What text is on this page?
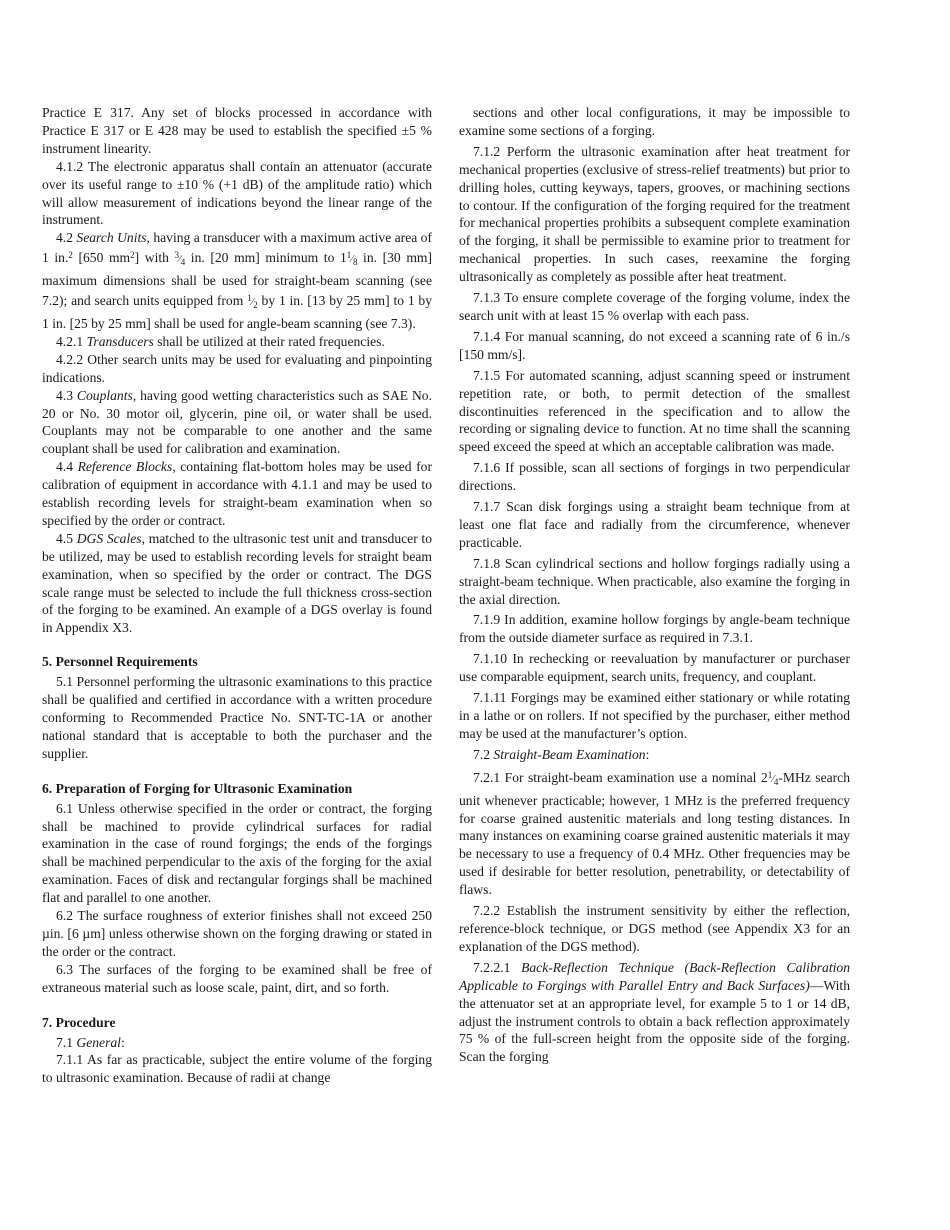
Practice E 317. Any set of blocks processed in accordance with Practice E 317 or E 428 may be used to establish the specified ±5 % instrument linearity.

4.1.2 The electronic apparatus shall contain an attenuator (accurate over its useful range to ±10 % (+1 dB) of the amplitude ratio) which will allow measurement of indications beyond the linear range of the instrument.

4.2 Search Units, having a transducer with a maximum active area of 1 in.$^2$ [650 $mm^2$] with 3⁄4 in. [20 mm] minimum to 11⁄8 in. [30 mm] maximum dimensions shall be used for straight-beam scanning (see 7.2); and search units equipped from 1⁄2 by 1 in. [13 by 25 mm] to 1 by 1 in. [25 by 25 mm] shall be used for angle-beam scanning (see 7.3).

4.2.1 Transducers shall be utilized at their rated frequencies.

4.2.2 Other search units may be used for evaluating and pinpointing indications.

4.3 Couplants, having good wetting characteristics such as SAE No. 20 or No. 30 motor oil, glycerin, pine oil, or water shall be used. Couplants may not be comparable to one another and the same couplant shall be used for calibration and examination.

4.4 Reference Blocks, containing flat-bottom holes may be used for calibration of equipment in accordance with 4.1.1 and may be used to establish recording levels for straight-beam examination when so specified by the order or contract.

4.5 DGS Scales, matched to the ultrasonic test unit and transducer to be utilized, may be used to establish recording levels for straight beam examination, when so specified by the order or contract. The DGS scale range must be selected to include the full thickness cross-section of the forging to be examined. An example of a DGS overlay is found in Appendix X3.

5. Personnel Requirements

5.1 Personnel performing the ultrasonic examinations to this practice shall be qualified and certified in accordance with a written procedure conforming to Recommended Practice No. SNT-TC-1A or another national standard that is acceptable to both the purchaser and the supplier.

6. Preparation of Forging for Ultrasonic Examination

6.1 Unless otherwise specified in the order or contract, the forging shall be machined to provide cylindrical surfaces for radial examination in the case of round forgings; the ends of the forgings shall be machined perpendicular to the axis of the forging for the axial examination. Faces of disk and rectangular forgings shall be machined flat and parallel to one another.

6.2 The surface roughness of exterior finishes shall not exceed 250 µin. [6 µm] unless otherwise shown on the forging drawing or stated in the order or the contract.

6.3 The surfaces of the forging to be examined shall be free of extraneous material such as loose scale, paint, dirt, and so forth.

7. Procedure

7.1 General:

7.1.1 As far as practicable, subject the entire volume of the forging to ultrasonic examination. Because of radii at change

sections and other local configurations, it may be impossible to examine some sections of a forging.

7.1.2 Perform the ultrasonic examination after heat treatment for mechanical properties (exclusive of stress-relief treatments) but prior to drilling holes, cutting keyways, tapers, grooves, or machining sections to contour. If the configuration of the forging required for the treatment for mechanical properties prohibits a subsequent complete examination of the forging, it shall be permissible to examine prior to treatment for mechanical properties. In such cases, reexamine the forging ultrasonically as completely as possible after heat treatment.

7.1.3 To ensure complete coverage of the forging volume, index the search unit with at least 15 % overlap with each pass.

7.1.4 For manual scanning, do not exceed a scanning rate of 6 in./s [150 mm/s].

7.1.5 For automated scanning, adjust scanning speed or instrument repetition rate, or both, to permit detection of the smallest discontinuities referenced in the specification and to allow the recording or signaling device to function. At no time shall the scanning speed exceed the speed at which an acceptable calibration was made.

7.1.6 If possible, scan all sections of forgings in two perpendicular directions.

7.1.7 Scan disk forgings using a straight beam technique from at least one flat face and radially from the circumference, whenever practicable.

7.1.8 Scan cylindrical sections and hollow forgings radially using a straight-beam technique. When practicable, also examine the forging in the axial direction.

7.1.9 In addition, examine hollow forgings by angle-beam technique from the outside diameter surface as required in 7.3.1.

7.1.10 In rechecking or reevaluation by manufacturer or purchaser use comparable equipment, search units, frequency, and couplant.

7.1.11 Forgings may be examined either stationary or while rotating in a lathe or on rollers. If not specified by the purchaser, either method may be used at the manufacturer’s option.

7.2 Straight-Beam Examination:

7.2.1 For straight-beam examination use a nominal 21⁄4-MHz search unit whenever practicable; however, 1 MHz is the preferred frequency for coarse grained austenitic materials and long testing distances. In many instances on examining coarse grained austenitic materials it may be necessary to use a frequency of 0.4 MHz. Other frequencies may be used if desirable for better resolution, penetrability, or detectability of flaws.

7.2.2 Establish the instrument sensitivity by either the reflection, reference-block technique, or DGS method (see Appendix X3 for an explanation of the DGS method).

7.2.2.1 Back-Reflection Technique (Back-Reflection Calibration Applicable to Forgings with Parallel Entry and Back Surfaces)—With the attenuator set at an appropriate level, for example 5 to 1 or 14 dB, adjust the instrument controls to obtain a back reflection approximately 75 % of the full-screen height from the opposite side of the forging. Scan the forging
